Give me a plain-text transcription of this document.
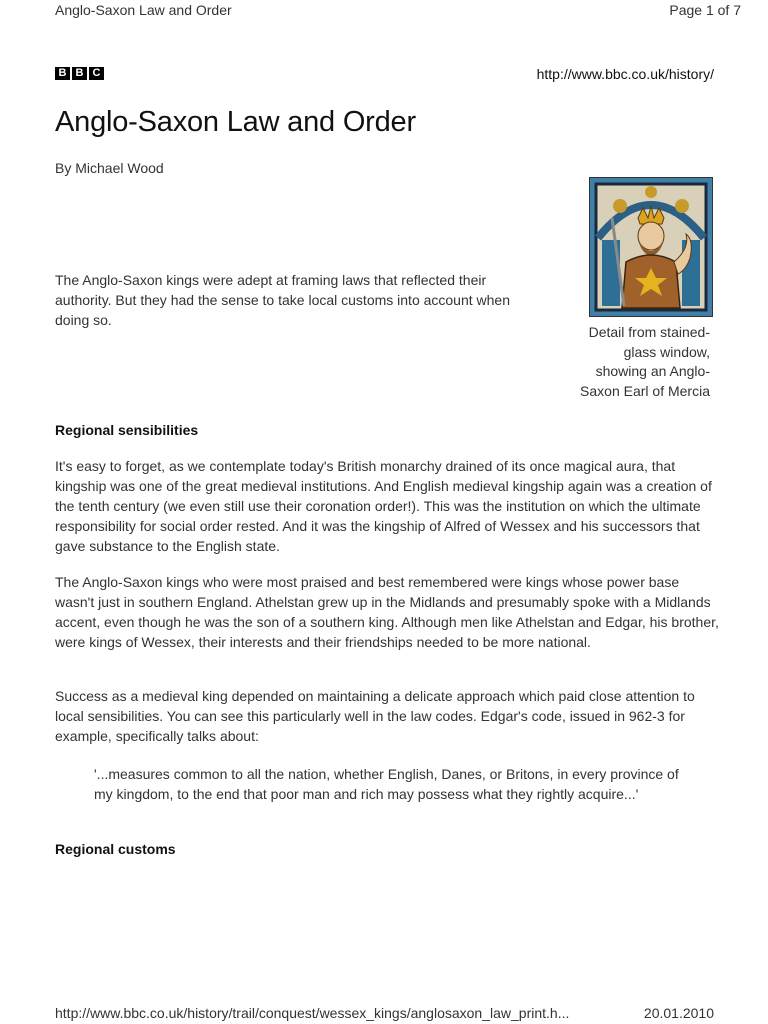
Anglo-Saxon Law and Order	Page 1 of 7
B B C	http://www.bbc.co.uk/history/
Anglo-Saxon Law and Order
By Michael Wood

The Anglo-Saxon kings were adept at framing laws that reflected their authority. But they had the sense to take local customs into account when doing so.

Detail from stained-glass window, showing an Anglo-Saxon Earl of Mercia

Regional sensibilities

It's easy to forget, as we contemplate today's British monarchy drained of its once magical aura, that kingship was one of the great medieval institutions. And English medieval kingship again was a creation of the tenth century (we even still use their coronation order!). This was the institution on which the ultimate responsibility for social order rested. And it was the kingship of Alfred of Wessex and his successors that gave substance to the English state.

The Anglo-Saxon kings who were most praised and best remembered were kings whose power base wasn't just in southern England. Athelstan grew up in the Midlands and presumably spoke with a Midlands accent, even though he was the son of a southern king. Although men like Athelstan and Edgar, his brother, were kings of Wessex, their interests and their friendships needed to be more national.

Success as a medieval king depended on maintaining a delicate approach which paid close attention to local sensibilities. You can see this particularly well in the law codes. Edgar's code, issued in 962-3 for example, specifically talks about:

'...measures common to all the nation, whether English, Danes, or Britons, in every province of my kingdom, to the end that poor man and rich may possess what they rightly acquire...'

Regional customs
http://www.bbc.co.uk/history/trail/conquest/wessex_kings/anglosaxon_law_print.h...	20.01.2010
